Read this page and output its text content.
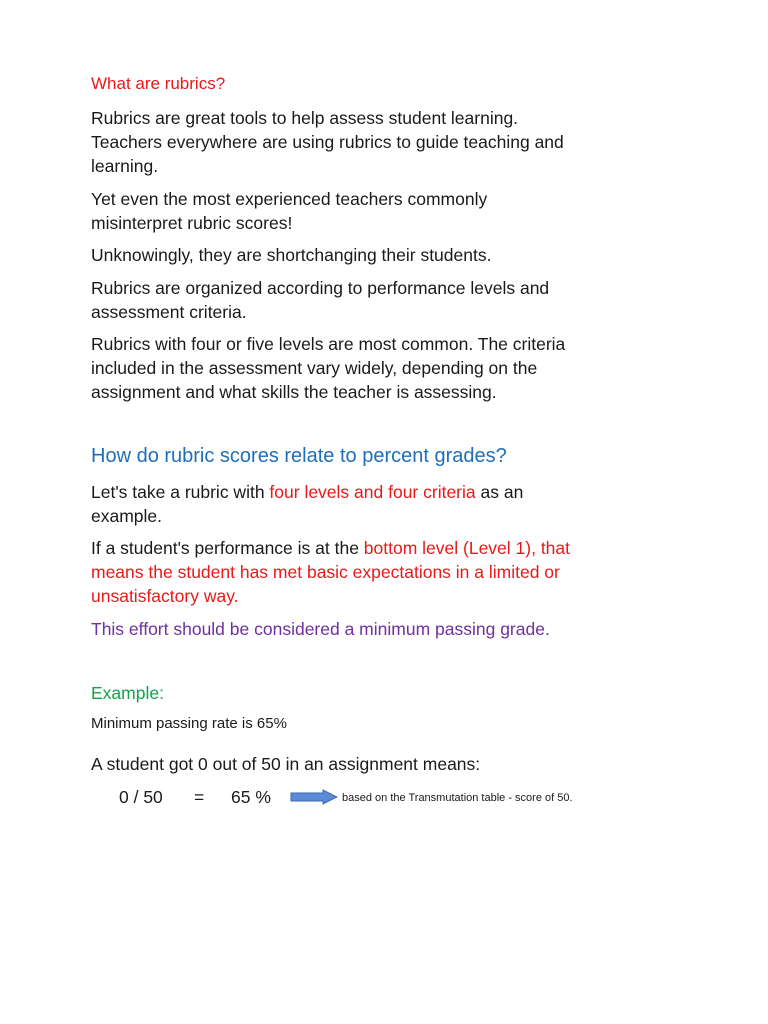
What are rubrics?
Rubrics are great tools to help assess student learning.
Teachers everywhere are using rubrics to guide teaching and
learning.
Yet even the most experienced teachers commonly
misinterpret rubric scores!
Unknowingly, they are shortchanging their students.
Rubrics are organized according to performance levels and
assessment criteria.
Rubrics with four or five levels are most common. The criteria
included in the assessment vary widely, depending on the
assignment and what skills the teacher is assessing.
How do rubric scores relate to percent grades?
Let's take a rubric with four levels and four criteria as an
example.
If a student's performance is at the bottom level (Level 1), that
means the student has met basic expectations in a limited or
unsatisfactory way.
This effort should be considered a minimum passing grade.
Example:
Minimum passing rate is 65%
A student got 0 out of 50 in an assignment means:
0 / 50 = 65 %	based on the Transmutation table - score of 50.
